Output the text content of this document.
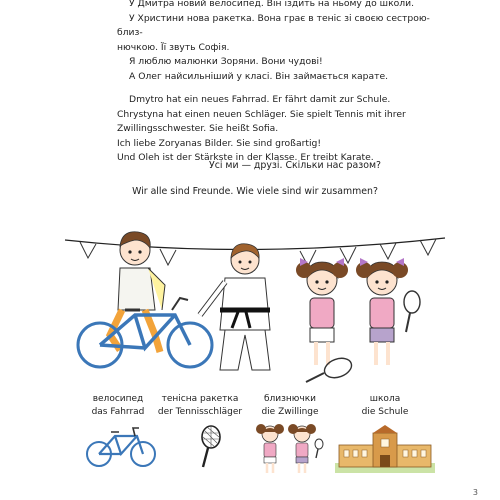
У Дмитра новий велосипед. Він їздить на ньому до школи.

У Христини нова ракетка. Вона грає в теніс зі своєю сестрою-близ-

нючкою. Її звуть Софія.

Я люблю малюнки Зоряни. Вони чудові!

А Олег найсильніший у класі. Він займається карате.

Dmytro hat ein neues Fahrrad. Er fährt damit zur Schule.

Chrystyna hat einen neuen Schläger. Sie spielt Tennis mit ihrer

Zwillingsschwester. Sie heißt Sofia.

Ich liebe Zoryanas Bilder. Sie sind großartig!

Und Oleh ist der Stärkste in der Klasse. Er treibt Karate.

Усі ми — друзі. Скільки нас разом?
Wir alle sind Freunde. Wie viele sind wir zusammen?
велосипед
das Fahrrad
тенісна ракетка
der Tennisschläger
близнючки
die Zwillinge
школа
die Schule
3
